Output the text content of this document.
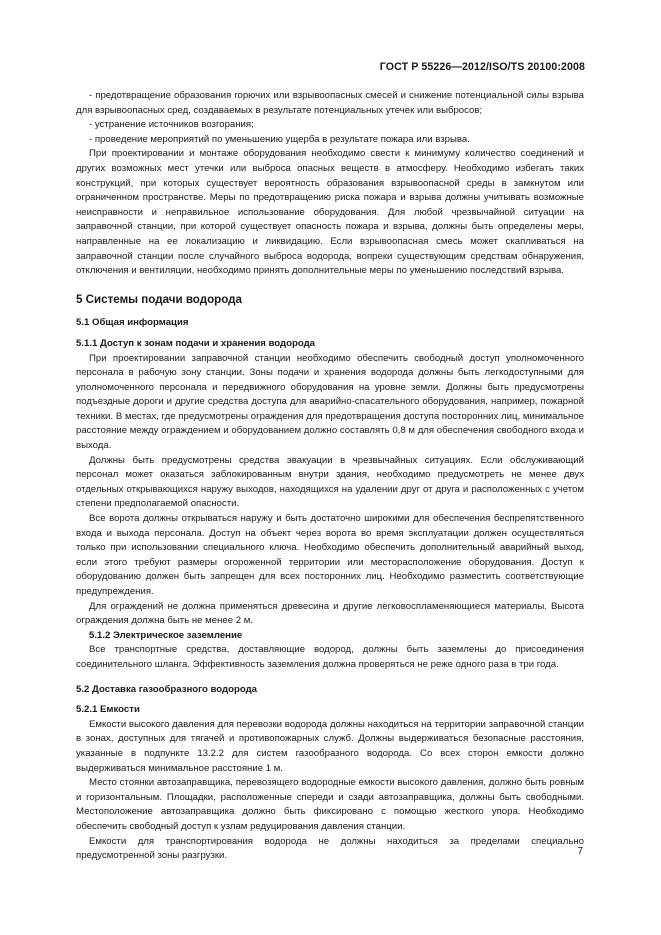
ГОСТ Р 55226—2012/ISO/TS 20100:2008

- предотвращение образования горючих или взрывоопасных смесей и снижение потенциальной силы взрыва для взрывоопасных сред, создаваемых в результате потенциальных утечек или выбросов;

- устранение источников возгорания;

- проведение мероприятий по уменьшению ущерба в результате пожара или взрыва.

При проектировании и монтаже оборудования необходимо свести к минимуму количество соединений и других возможных мест утечки или выброса опасных веществ в атмосферу. Необходимо избегать таких конструкций, при которых существует вероятность образования взрывоопасной среды в замкнутом или ограниченном пространстве. Меры по предотвращению риска пожара и взрыва должны учитывать возможные неисправности и неправильное использование оборудования. Для любой чрезвычайной ситуации на заправочной станции, при которой существует опасность пожара и взрыва, должны быть определены меры, направленные на ее локализацию и ликвидацию. Если взрывоопасная смесь может скапливаться на заправочной станции после случайного выброса водорода, вопреки существующим средствам обнаружения, отключения и вентиляции, необходимо принять дополнительные меры по уменьшению последствий взрыва.

5 Системы подачи водорода
5.1 Общая информация
5.1.1 Доступ к зонам подачи и хранения водорода

При проектировании заправочной станции необходимо обеспечить свободный доступ уполномоченного персонала в рабочую зону станции. Зоны подачи и хранения водорода должны быть легкодоступными для уполномоченного персонала и передвижного оборудования на уровне земли. Должны быть предусмотрены подъездные дороги и другие средства доступа для аварийно-спасательного оборудования, например, пожарной техники. В местах, где предусмотрены ограждения для предотвращения доступа посторонних лиц, минимальное расстояние между ограждением и оборудованием должно составлять 0,8 м для обеспечения свободного входа и выхода.

Должны быть предусмотрены средства эвакуации в чрезвычайных ситуациях. Если обслуживающий персонал может оказаться заблокированным внутри здания, необходимо предусмотреть не менее двух отдельных открывающихся наружу выходов, находящихся на удалении друг от друга и расположенных с учетом степени предполагаемой опасности.

Все ворота должны открываться наружу и быть достаточно широкими для обеспечения беспрепятственного входа и выхода персонала. Доступ на объект через ворота во время эксплуатации должен осуществляться только при использовании специального ключа. Необходимо обеспечить дополнительный аварийный выход, если этого требуют размеры огороженной территории или месторасположение оборудования. Доступ к оборудованию должен быть запрещен для всех посторонних лиц. Необходимо разместить соответствующие предупреждения.

Для ограждений не должна применяться древесина и другие легковоспламеняющиеся материалы. Высота ограждения должна быть не менее 2 м.

5.1.2 Электрическое заземление

Все транспортные средства, доставляющие водород, должны быть заземлены до присоединения соединительного шланга. Эффективность заземления должна проверяться не реже одного раза в три года.

5.2 Доставка газообразного водорода
5.2.1 Емкости

Емкости высокого давления для перевозки водорода должны находиться на территории заправочной станции в зонах, доступных для тягачей и противопожарных служб. Должны выдерживаться безопасные расстояния, указанные в подпункте 13.2.2 для систем газообразного водорода. Со всех сторон емкости должно выдерживаться минимальное расстояние 1 м.

Место стоянки автозаправщика, перевозящего водородные емкости высокого давления, должно быть ровным и горизонтальным. Площадки, расположенные спереди и сзади автозаправщика, должны быть свободными. Местоположение автозаправщика должно быть фиксировано с помощью жесткого упора. Необходимо обеспечить свободный доступ к узлам редуцирования давления станции.

Емкости для транспортирования водорода не должны находиться за пределами специально предусмотренной зоны разгрузки.	7
